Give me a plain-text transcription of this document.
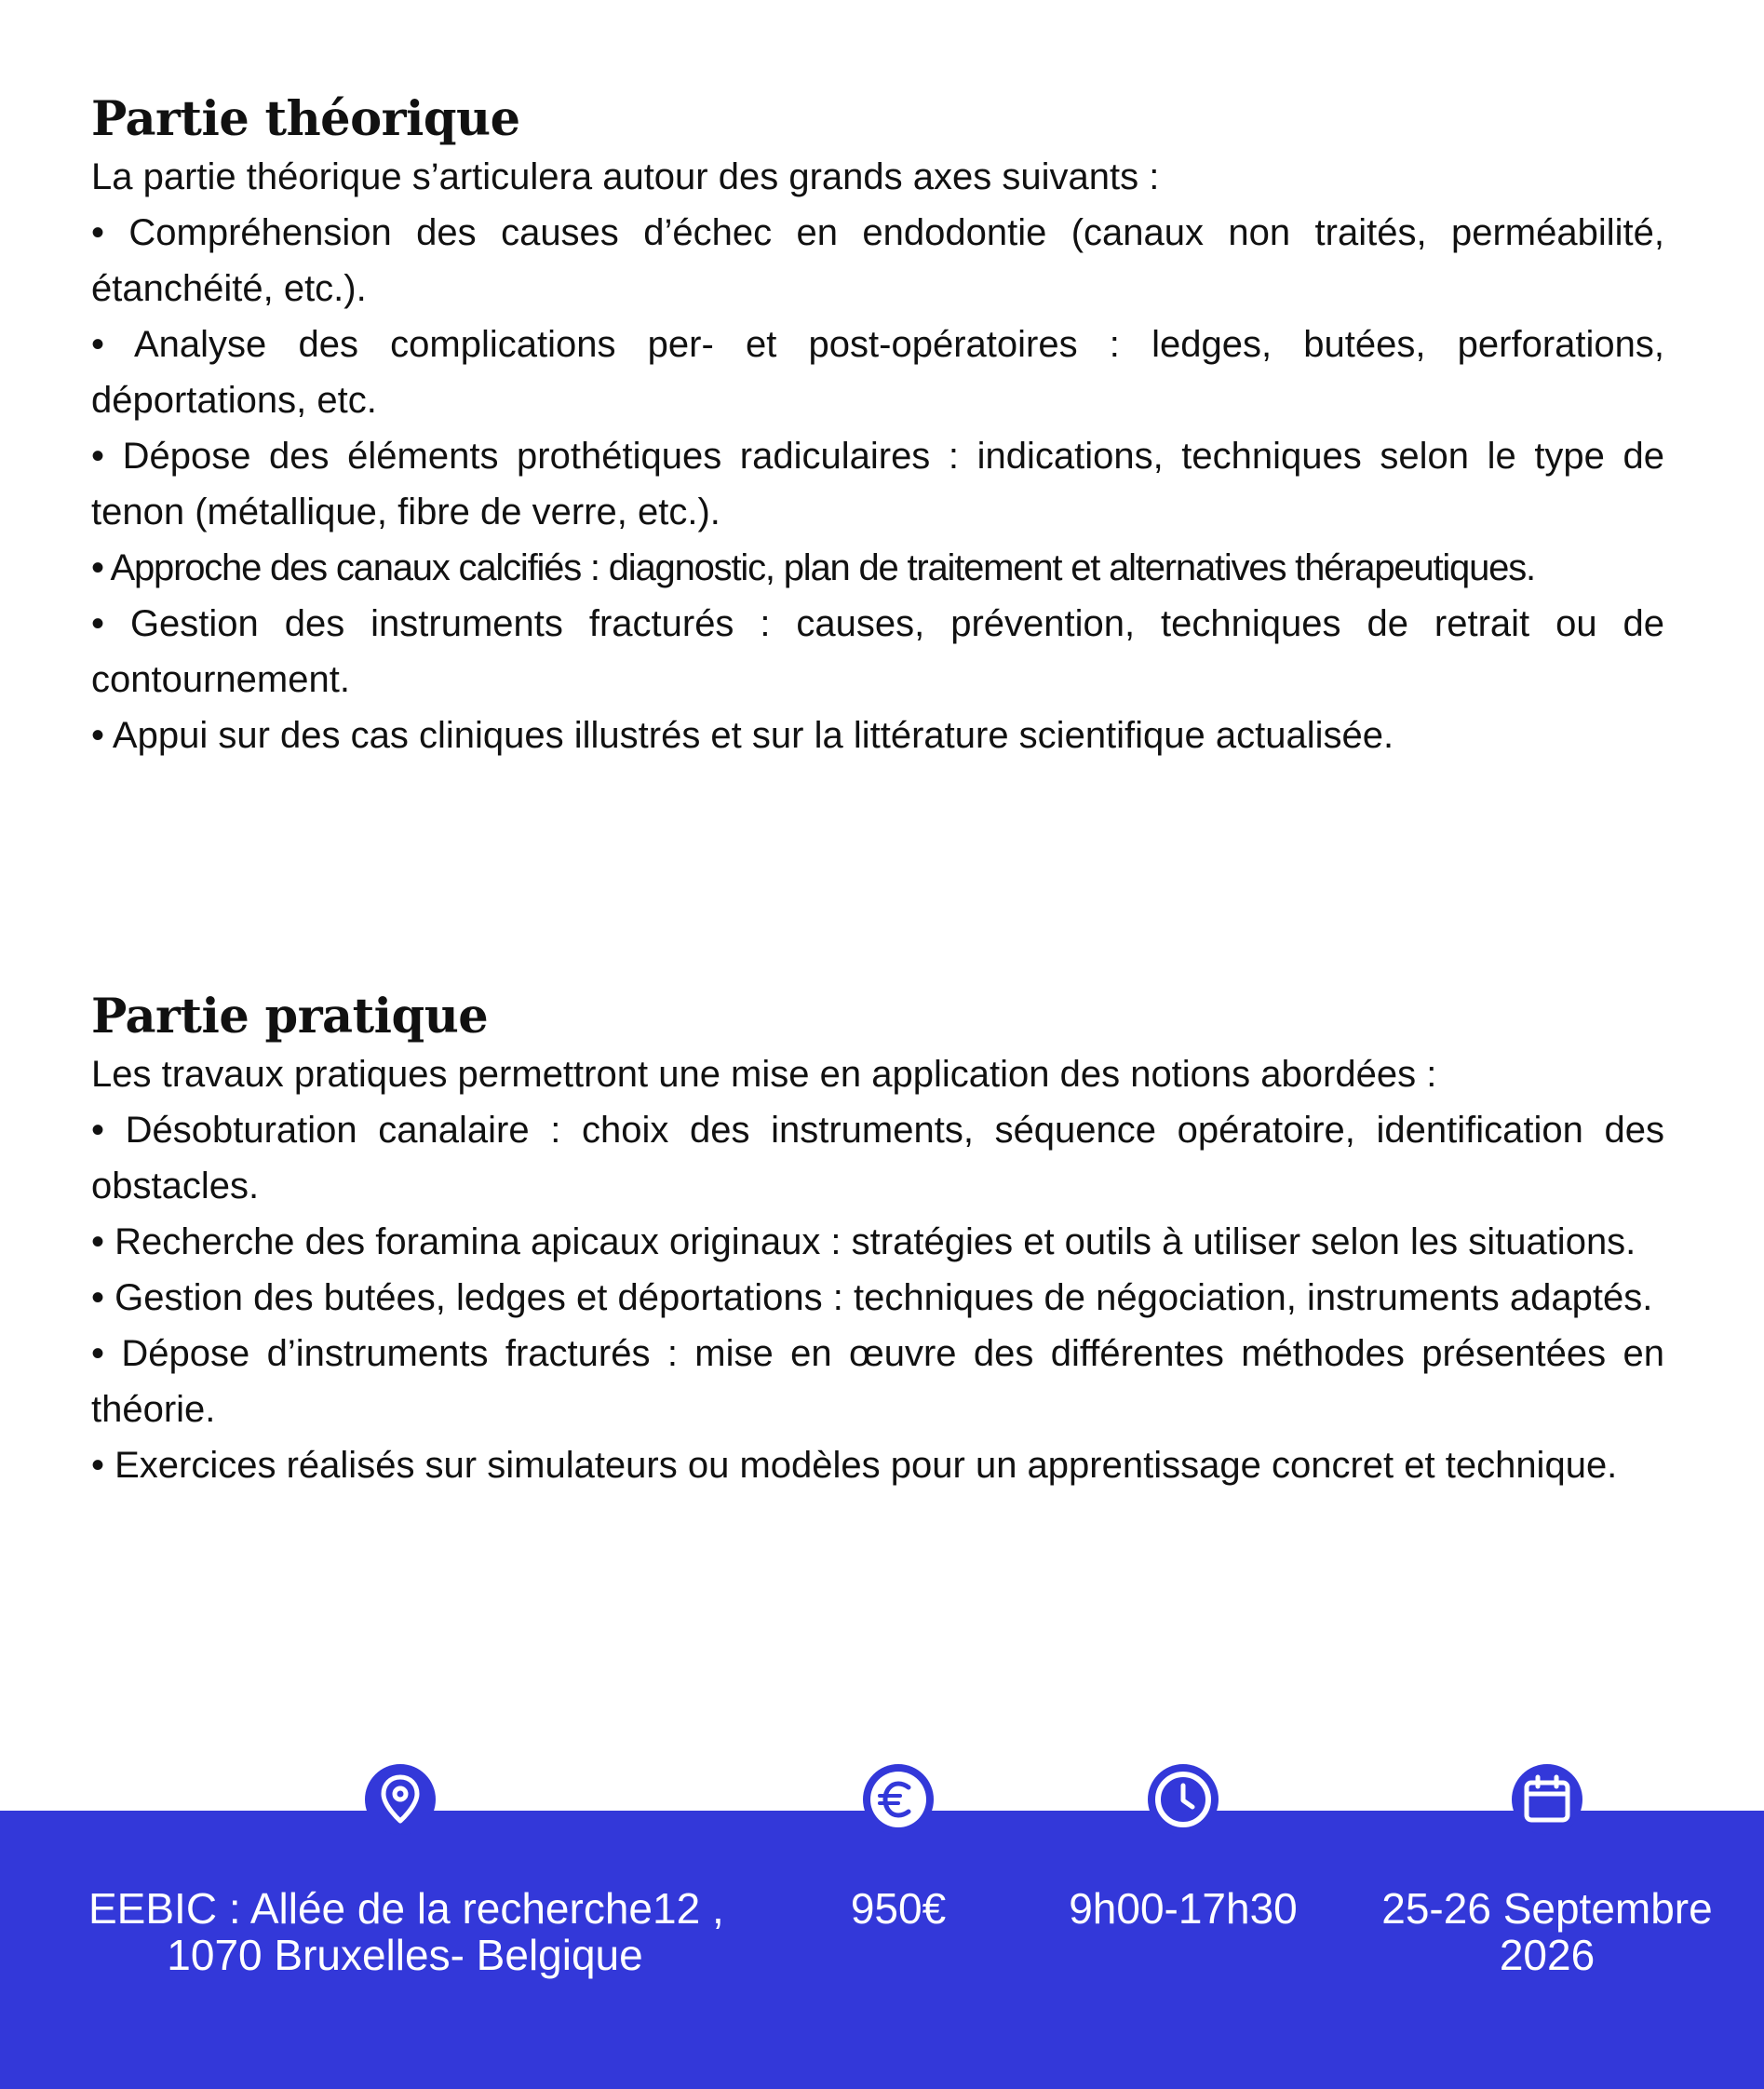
Partie théorique

La partie théorique s’articulera autour des grands axes suivants :

• Compréhension des causes d’échec en endodontie (canaux non traités, perméabilité, étanchéité, etc.).

• Analyse des complications per- et post-opératoires : ledges, butées, perforations, déportations, etc.

• Dépose des éléments prothétiques radiculaires : indications, techniques selon le type de tenon (métallique, fibre de verre, etc.).

• Approche des canaux calcifiés : diagnostic, plan de traitement et alternatives thérapeutiques.

• Gestion des instruments fracturés : causes, prévention, techniques de retrait ou de contournement.

• Appui sur des cas cliniques illustrés et sur la littérature scientifique actualisée.

Partie pratique

Les travaux pratiques permettront une mise en application des notions abordées :

• Désobturation canalaire : choix des instruments, séquence opératoire, identification des obstacles.

• Recherche des foramina apicaux originaux : stratégies et outils à utiliser selon les situations.

• Gestion des butées, ledges et déportations : techniques de négociation, instruments adaptés.

• Dépose d’instruments fracturés : mise en œuvre des différentes méthodes présentées en théorie.

• Exercices réalisés sur simulateurs ou modèles pour un apprentissage concret et technique.

EEBIC : Allée de la recherche12 ,
1070 Bruxelles- Belgique
950€	9h00-17h30	25-26 Septembre
2026
